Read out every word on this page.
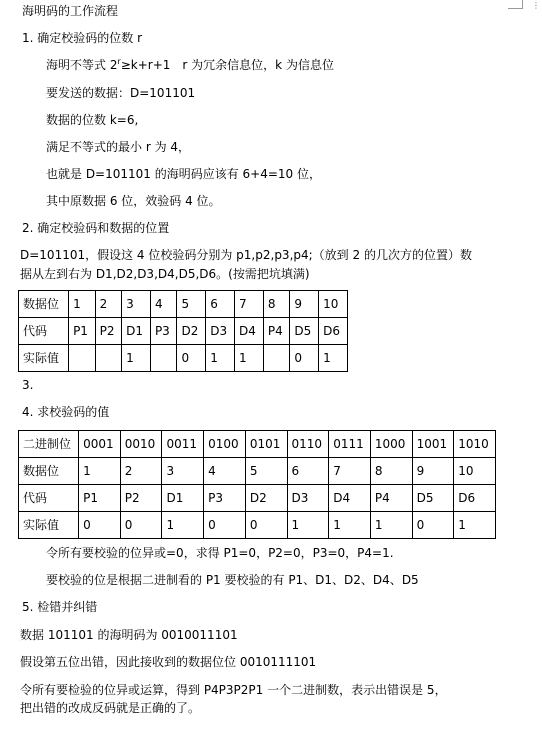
⋮
海明码的工作流程
1. 确定校验码的位数 r
海明不等式 $2^r\ge k+r+1$　r 为冗余信息位，k 为信息位
要发送的数据：D=101101
数据的位数 k=6,
满足不等式的最小 r 为 4，
也就是 D=101101 的海明码应该有 6+4=10 位，
其中原数据 6 位，效验码 4 位。
2. 确定校验码和数据的位置
D=101101，假设这 4 位校验码分别为 p1,p2,p3,p4;（放到 2 的几次方的位置）数
据从左到右为 D1,D2,D3,D4,D5,D6。(按需把坑填满)
数据位	1	2	3	4	5	6	7	8	9	10
代码	P1	P2	D1	P3	D2	D3	D4	P4	D5	D6
实际值			1		0	1	1		0	1
3.
4. 求校验码的值
二进制位	0001	0010	0011	0100	0101	0110	0111	1000	1001	1010
数据位	1	2	3	4	5	6	7	8	9	10
代码	P1	P2	D1	P3	D2	D3	D4	P4	D5	D6
实际值	0	0	1	0	0	1	1	1	0	1
令所有要校验的位异或=0，求得 P1=0，P2=0，P3=0，P4=1.
要校验的位是根据二进制看的 P1 要校验的有 P1、D1、D2、D4、D5
5. 检错并纠错
数据 101101 的海明码为 0010011101
假设第五位出错，因此接收到的数据位位 0010111101
令所有要检验的位异或运算，得到 P4P3P2P1 一个二进制数，表示出错误是 5，
把出错的改成反码就是正确的了。
